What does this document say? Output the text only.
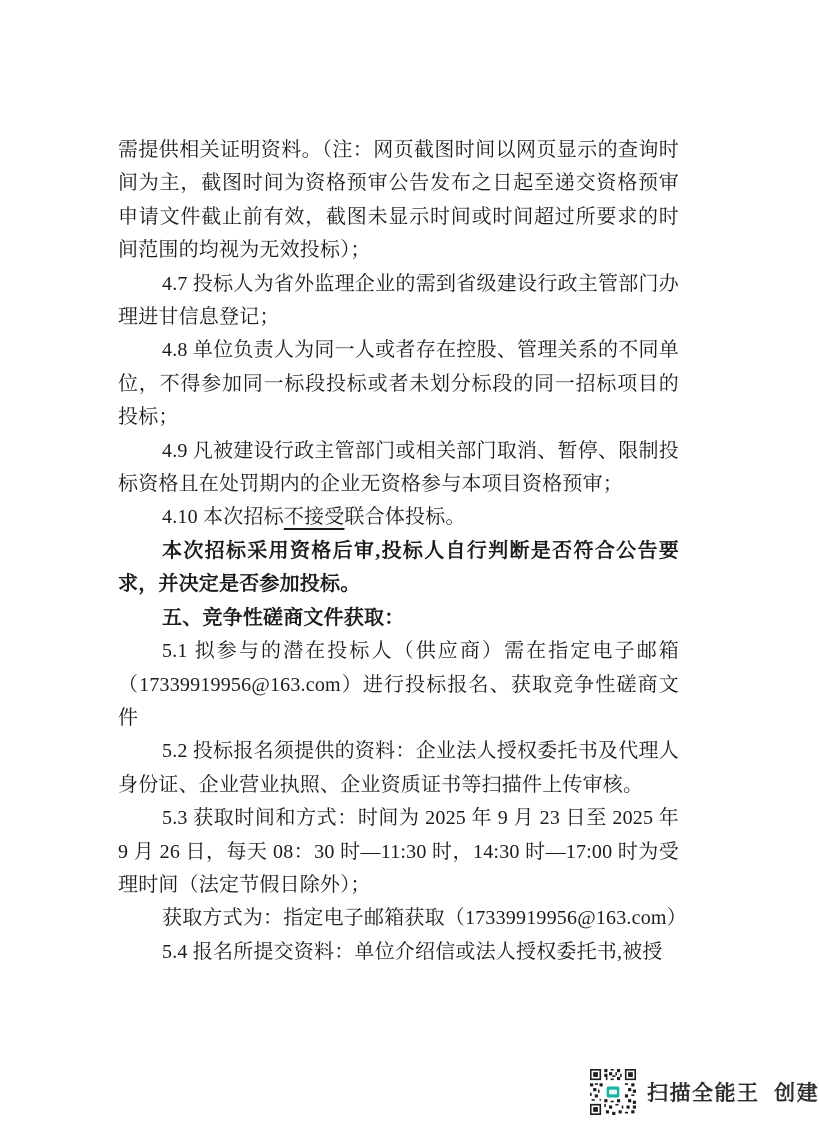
需提供相关证明资料。（注：网页截图时间以网页显示的查询时间为主，截图时间为资格预审公告发布之日起至递交资格预审申请文件截止前有效，截图未显示时间或时间超过所要求的时间范围的均视为无效投标）；

4.7 投标人为省外监理企业的需到省级建设行政主管部门办理进甘信息登记；

4.8 单位负责人为同一人或者存在控股、管理关系的不同单位，不得参加同一标段投标或者未划分标段的同一招标项目的投标；

4.9 凡被建设行政主管部门或相关部门取消、暂停、限制投标资格且在处罚期内的企业无资格参与本项目资格预审；

4.10 本次招标不接受联合体投标。

本次招标采用资格后审,投标人自行判断是否符合公告要求，并决定是否参加投标。

五、竞争性磋商文件获取：

5.1 拟参与的潜在投标人（供应商）需在指定电子邮箱（17339919956@163.com）进行投标报名、获取竞争性磋商文件

5.2 投标报名须提供的资料：企业法人授权委托书及代理人身份证、企业营业执照、企业资质证书等扫描件上传审核。

5.3 获取时间和方式：时间为 2025 年 9 月 23 日至 2025 年 9 月 26 日，每天 08：30 时—11:30 时，14:30 时—17:00 时为受理时间（法定节假日除外）；

获取方式为：指定电子邮箱获取（17339919956@163.com）

5.4 报名所提交资料：单位介绍信或法人授权委托书,被授

扫描全能王  创建
